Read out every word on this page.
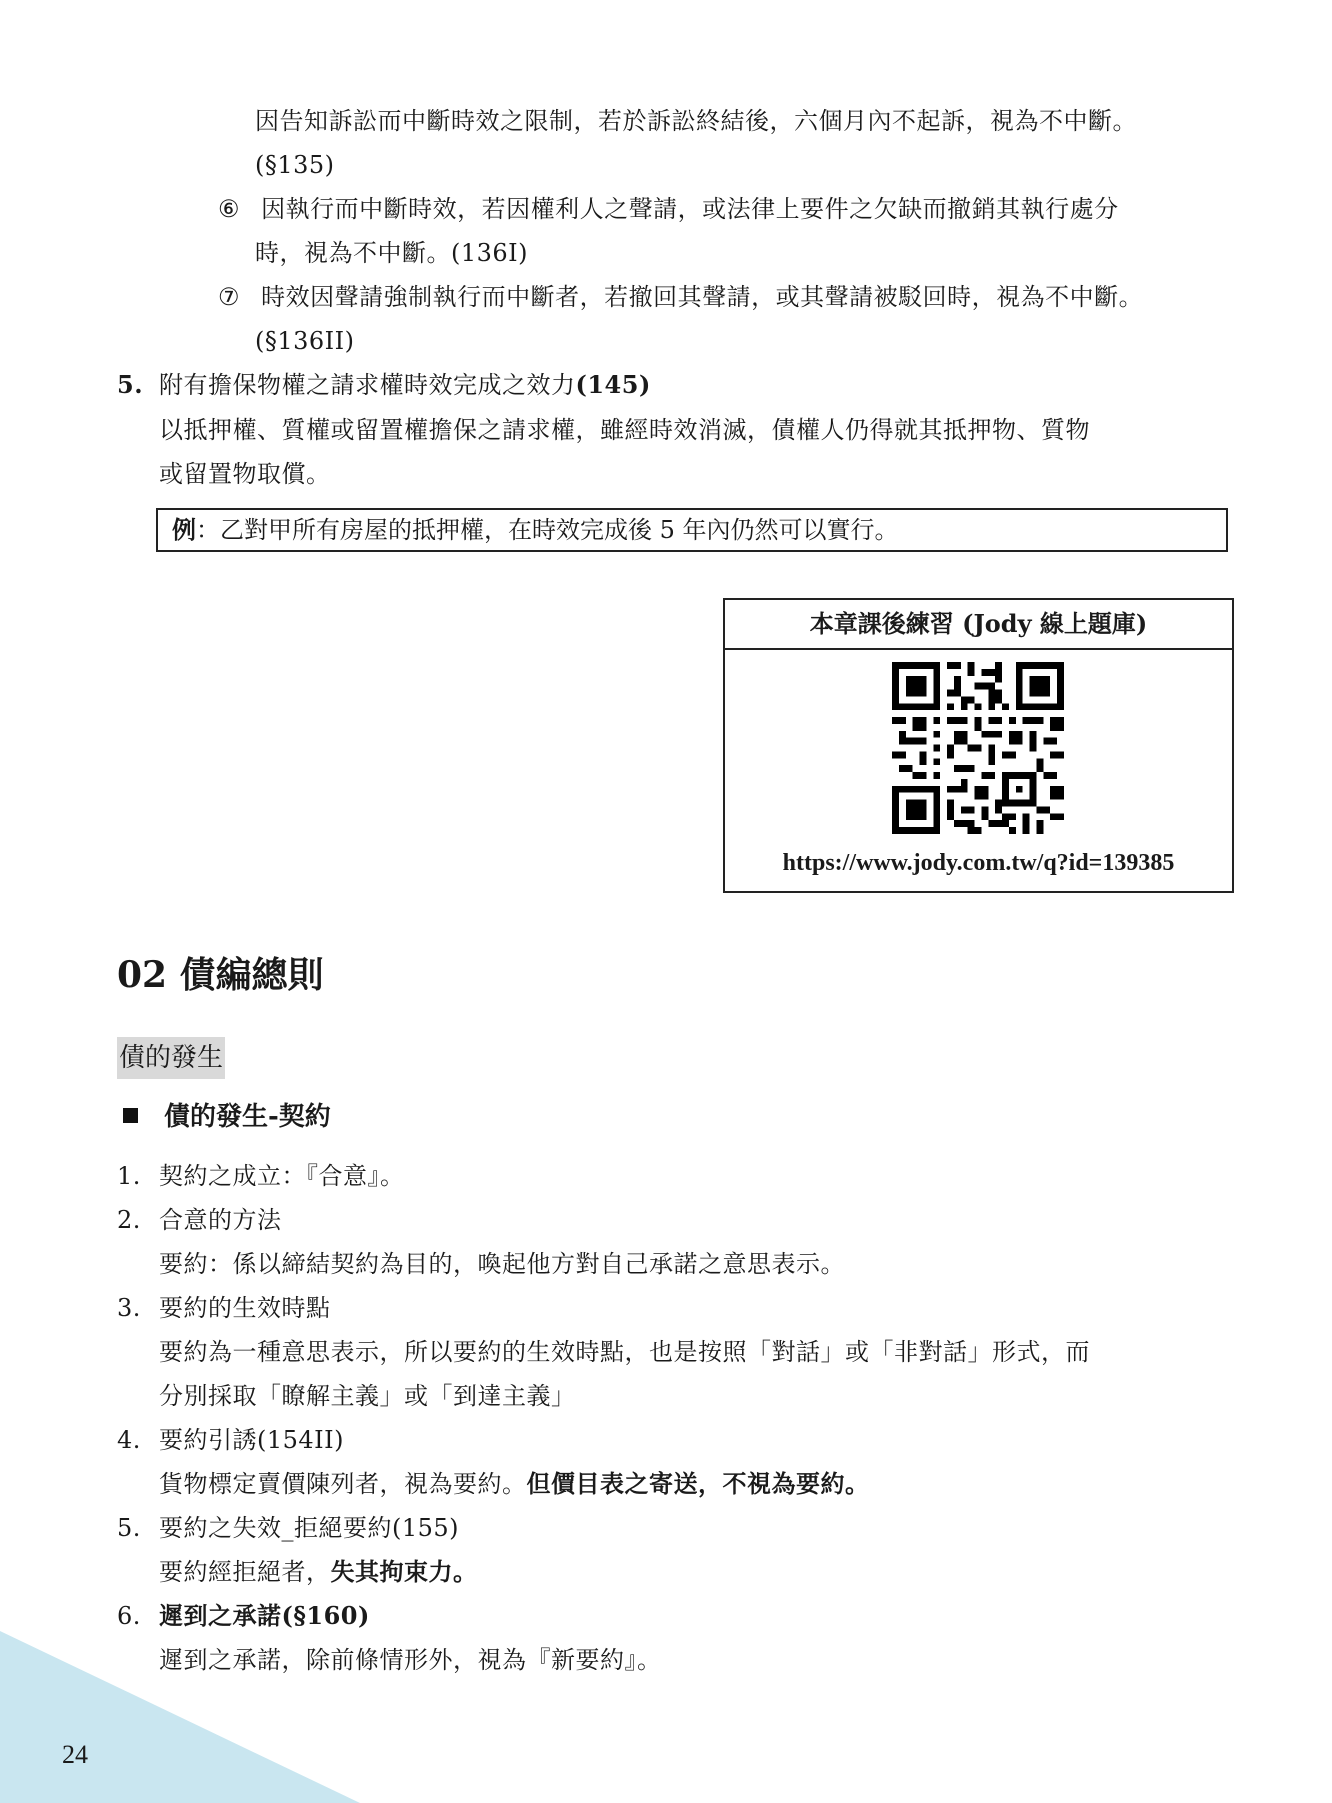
因告知訴訟而中斷時效之限制，若於訴訟終結後，六個月內不起訴，視為不中斷。
(§135)
⑥ 因執行而中斷時效，若因權利人之聲請，或法律上要件之欠缺而撤銷其執行處分
時，視為不中斷。(136I)
⑦ 時效因聲請強制執行而中斷者，若撤回其聲請，或其聲請被駁回時，視為不中斷。
(§136II)
5. 附有擔保物權之請求權時效完成之效力(145)
以抵押權、質權或留置權擔保之請求權，雖經時效消滅，債權人仍得就其抵押物、質物
或留置物取償。
例：乙對甲所有房屋的抵押權，在時效完成後 5 年內仍然可以實行。
本章課後練習 (Jody 線上題庫)
https://www.jody.com.tw/q?id=139385
02 債編總則
債的發生
債的發生-契約
1. 契約之成立：『合意』。
2. 合意的方法
要約：係以締結契約為目的，喚起他方對自己承諾之意思表示。
3. 要約的生效時點
要約為一種意思表示，所以要約的生效時點，也是按照「對話」或「非對話」形式，而
分別採取「瞭解主義」或「到達主義」
4. 要約引誘(154II)
貨物標定賣價陳列者，視為要約。但價目表之寄送，不視為要約。
5. 要約之失效_拒絕要約(155)
要約經拒絕者，失其拘束力。
6. 遲到之承諾(§160)
遲到之承諾，除前條情形外，視為『新要約』。
24
